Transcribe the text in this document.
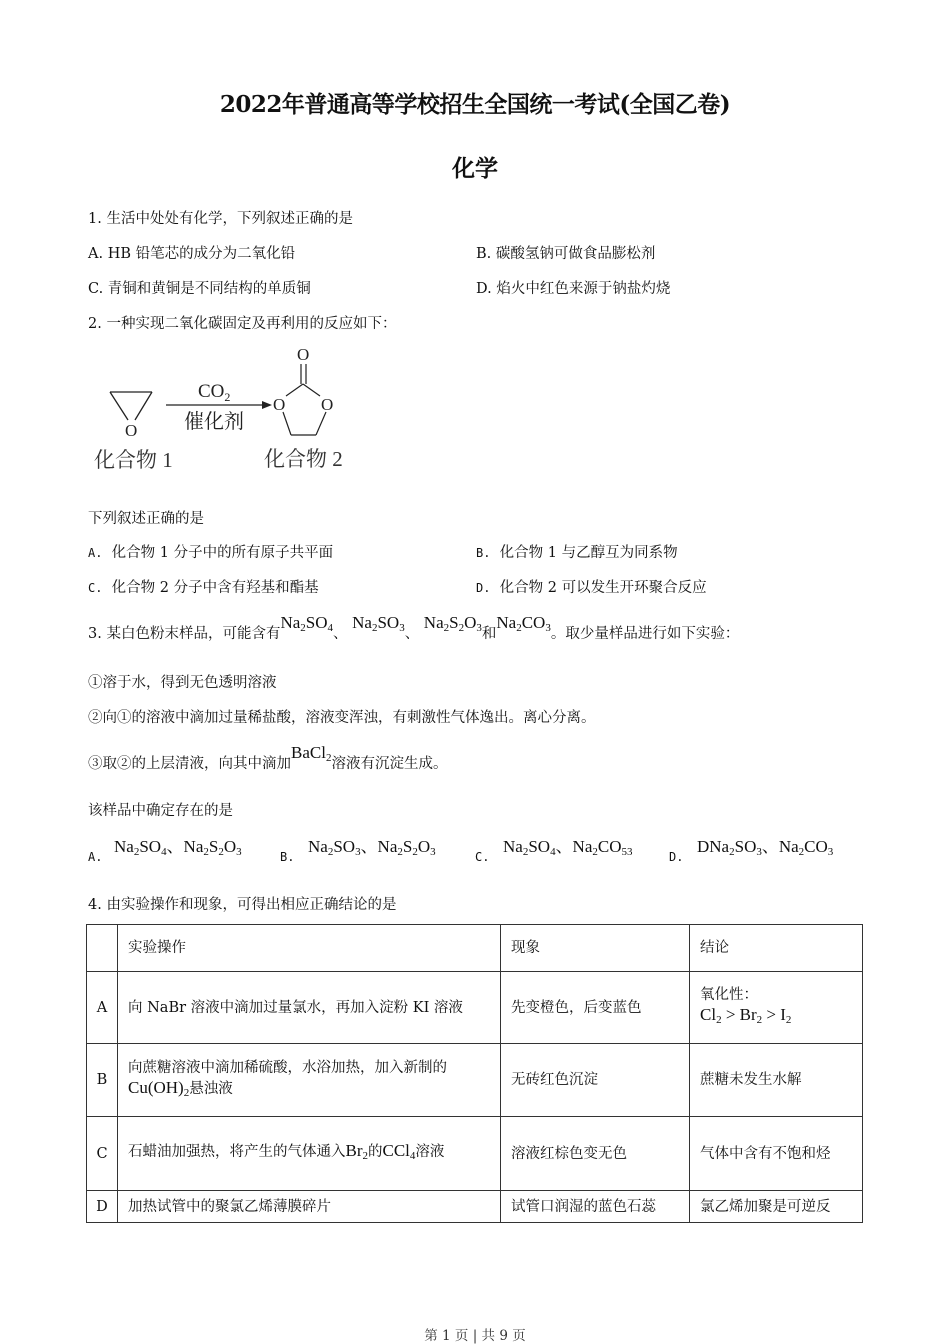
2022年普通高等学校招生全国统一考试(全国乙卷)
化学
1. 生活中处处有化学，下列叙述正确的是
A. HB 铅笔芯的成分为二氧化铅	B. 碳酸氢钠可做食品膨松剂
C. 青铜和黄铜是不同结构的单质铜	D. 焰火中红色来源于钠盐灼烧
2. 一种实现二氧化碳固定及再利用的反应如下：
O
$CO_2$
催化剂
O
O O
化合物 1	化合物 2
下列叙述正确的是
A. 化合物 1 分子中的所有原子共平面	B. 化合物 1 与乙醇互为同系物
C. 化合物 2 分子中含有羟基和酯基	D. 化合物 2 可以发生开环聚合反应
3. 某白色粉末样品，可能含有$Na_2SO_4$、 $Na_2SO_3$、 $Na_2S_2O_3$和$Na_2CO_3$。取少量样品进行如下实验：
①溶于水，得到无色透明溶液
②向①的溶液中滴加过量稀盐酸，溶液变浑浊，有刺激性气体逸出。离心分离。
③取②的上层清液，向其中滴加BaCl$_2$溶液有沉淀生成。
该样品中确定存在的是
A.
$Na_2SO_4$、$Na_2S_2O_3$	B.
$Na_2SO_3$、$Na_2S_2O_3$	C.
$Na_2SO_4$、$Na_2CO_{53}$	D.
$DNa_2SO_3$、$Na_2CO_3$
4. 由实验操作和现象，可得出相应正确结论的是
	实验操作	现象	结论
A	向 NaBr 溶液中滴加过量氯水，再加入淀粉 KI 溶液	先变橙色，后变蓝色	氧化性：
$Cl_2 > Br_2 > I_2$

B	向蔗糖溶液中滴加稀硫酸，水浴加热，加入新制的$Cu(OH)_2$悬浊液	无砖红色沉淀	蔗糖未发生水解
C	石蜡油加强热，将产生的气体通入$Br_2$的CCl$_4$溶液	溶液红棕色变无色	气体中含有不饱和烃
D	加热试管中的聚氯乙烯薄膜碎片	试管口润湿的蓝色石蕊	氯乙烯加聚是可逆反
第 1 页 | 共 9 页
